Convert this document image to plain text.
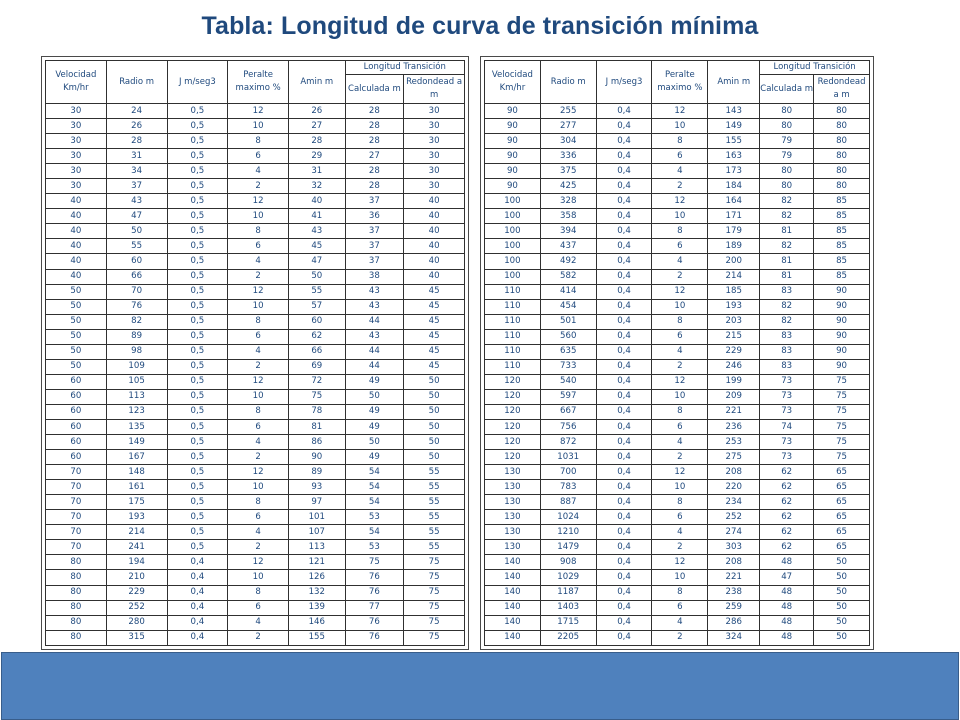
Tabla: Longitud de curva de transición mínima
Velocidad Km/hr	Radio m	J m/seg3	Peralte maximo %	Amin m	Longitud Transición	
					Calculada m	Redondead a m
30	24	0,5	12	26	28	30
30	26	0,5	10	27	28	30
30	28	0,5	8	28	28	30
30	31	0,5	6	29	27	30
30	34	0,5	4	31	28	30
30	37	0,5	2	32	28	30
40	43	0,5	12	40	37	40
40	47	0,5	10	41	36	40
40	50	0,5	8	43	37	40
40	55	0,5	6	45	37	40
40	60	0,5	4	47	37	40
40	66	0,5	2	50	38	40
50	70	0,5	12	55	43	45
50	76	0,5	10	57	43	45
50	82	0,5	8	60	44	45
50	89	0,5	6	62	43	45
50	98	0,5	4	66	44	45
50	109	0,5	2	69	44	45
60	105	0,5	12	72	49	50
60	113	0,5	10	75	50	50
60	123	0,5	8	78	49	50
60	135	0,5	6	81	49	50
60	149	0,5	4	86	50	50
60	167	0,5	2	90	49	50
70	148	0,5	12	89	54	55
70	161	0,5	10	93	54	55
70	175	0,5	8	97	54	55
70	193	0,5	6	101	53	55
70	214	0,5	4	107	54	55
70	241	0,5	2	113	53	55
80	194	0,4	12	121	75	75
80	210	0,4	10	126	76	75
80	229	0,4	8	132	76	75
80	252	0,4	6	139	77	75
80	280	0,4	4	146	76	75
80	315	0,4	2	155	76	75
Velocidad Km/hr	Radio m	J m/seg3	Peralte maximo %	Amin m	Longitud Transición	
					Calculada m	Redondead a m
90	255	0,4	12	143	80	80
90	277	0,4	10	149	80	80
90	304	0,4	8	155	79	80
90	336	0,4	6	163	79	80
90	375	0,4	4	173	80	80
90	425	0,4	2	184	80	80
100	328	0,4	12	164	82	85
100	358	0,4	10	171	82	85
100	394	0,4	8	179	81	85
100	437	0,4	6	189	82	85
100	492	0,4	4	200	81	85
100	582	0,4	2	214	81	85
110	414	0,4	12	185	83	90
110	454	0,4	10	193	82	90
110	501	0,4	8	203	82	90
110	560	0,4	6	215	83	90
110	635	0,4	4	229	83	90
110	733	0,4	2	246	83	90
120	540	0,4	12	199	73	75
120	597	0,4	10	209	73	75
120	667	0,4	8	221	73	75
120	756	0,4	6	236	74	75
120	872	0,4	4	253	73	75
120	1031	0,4	2	275	73	75
130	700	0,4	12	208	62	65
130	783	0,4	10	220	62	65
130	887	0,4	8	234	62	65
130	1024	0,4	6	252	62	65
130	1210	0,4	4	274	62	65
130	1479	0,4	2	303	62	65
140	908	0,4	12	208	48	50
140	1029	0,4	10	221	47	50
140	1187	0,4	8	238	48	50
140	1403	0,4	6	259	48	50
140	1715	0,4	4	286	48	50
140	2205	0,4	2	324	48	50
